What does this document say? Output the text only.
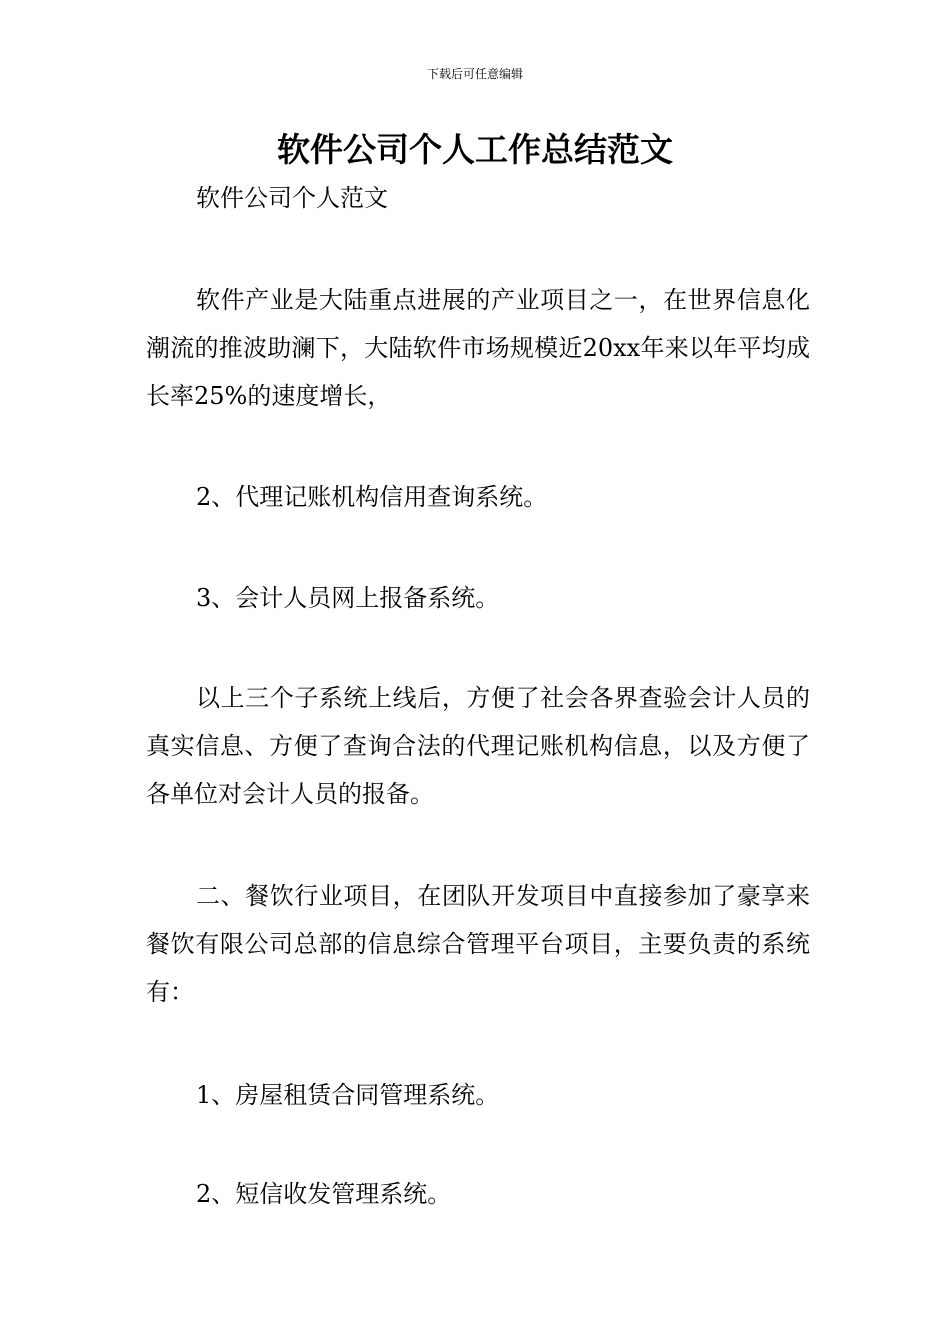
下载后可任意编辑
软件公司个人工作总结范文
软件公司个人范文

软件产业是大陆重点进展的产业项目之一，在世界信息化潮流的推波助澜下，大陆软件市场规模近20xx年来以年平均成长率25%的速度增长，

2、代理记账机构信用查询系统。

3、会计人员网上报备系统。

以上三个子系统上线后，方便了社会各界查验会计人员的真实信息、方便了查询合法的代理记账机构信息，以及方便了各单位对会计人员的报备。

二、餐饮行业项目，在团队开发项目中直接参加了豪享来餐饮有限公司总部的信息综合管理平台项目，主要负责的系统有：

1、房屋租赁合同管理系统。

2、短信收发管理系统。
